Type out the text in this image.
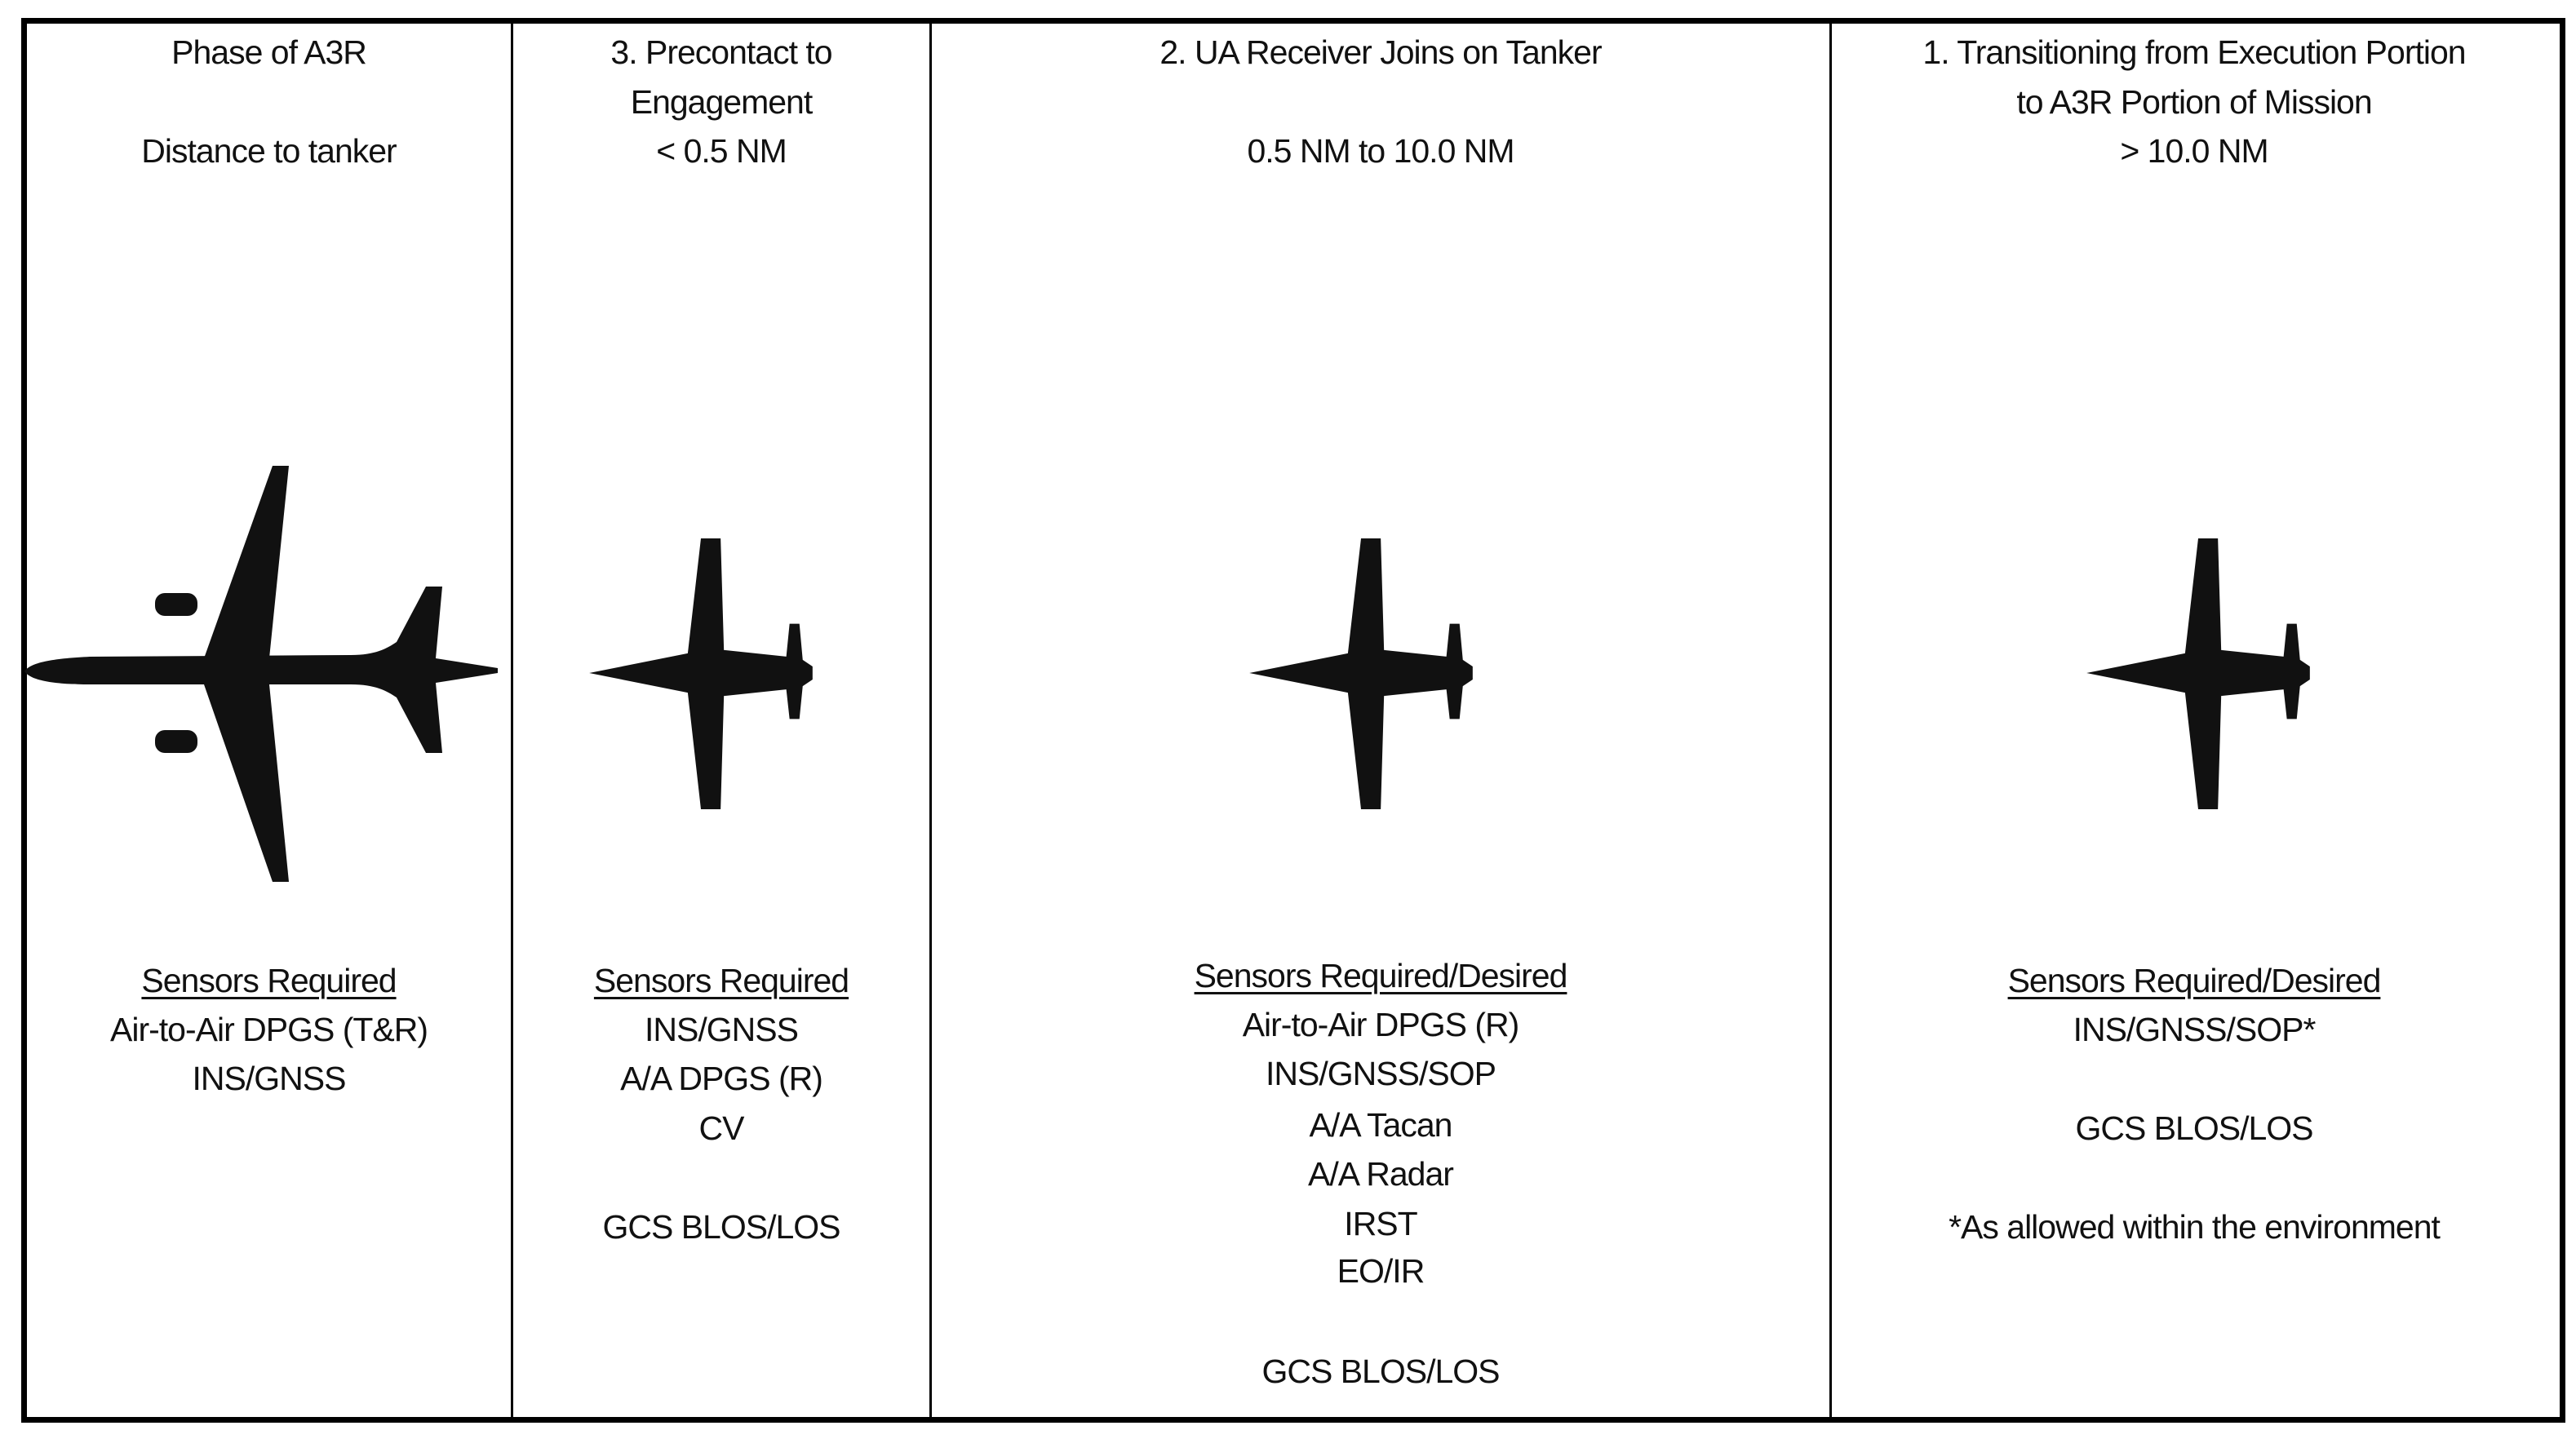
Phase of A3R
Distance to tanker
Sensors Required
Air-to-Air DPGS (T&R)
INS/GNSS
3. Precontact to
Engagement
< 0.5 NM
Sensors Required
INS/GNSS
A/A DPGS (R)
CV
GCS BLOS/LOS
2. UA Receiver Joins on Tanker
0.5 NM to 10.0 NM
Sensors Required/Desired
Air-to-Air DPGS (R)
INS/GNSS/SOP
A/A Tacan
A/A Radar
IRST
EO/IR
GCS BLOS/LOS
1. Transitioning from Execution Portion
to A3R Portion of Mission
> 10.0 NM
Sensors Required/Desired
INS/GNSS/SOP*
GCS BLOS/LOS
*As allowed within the environment
